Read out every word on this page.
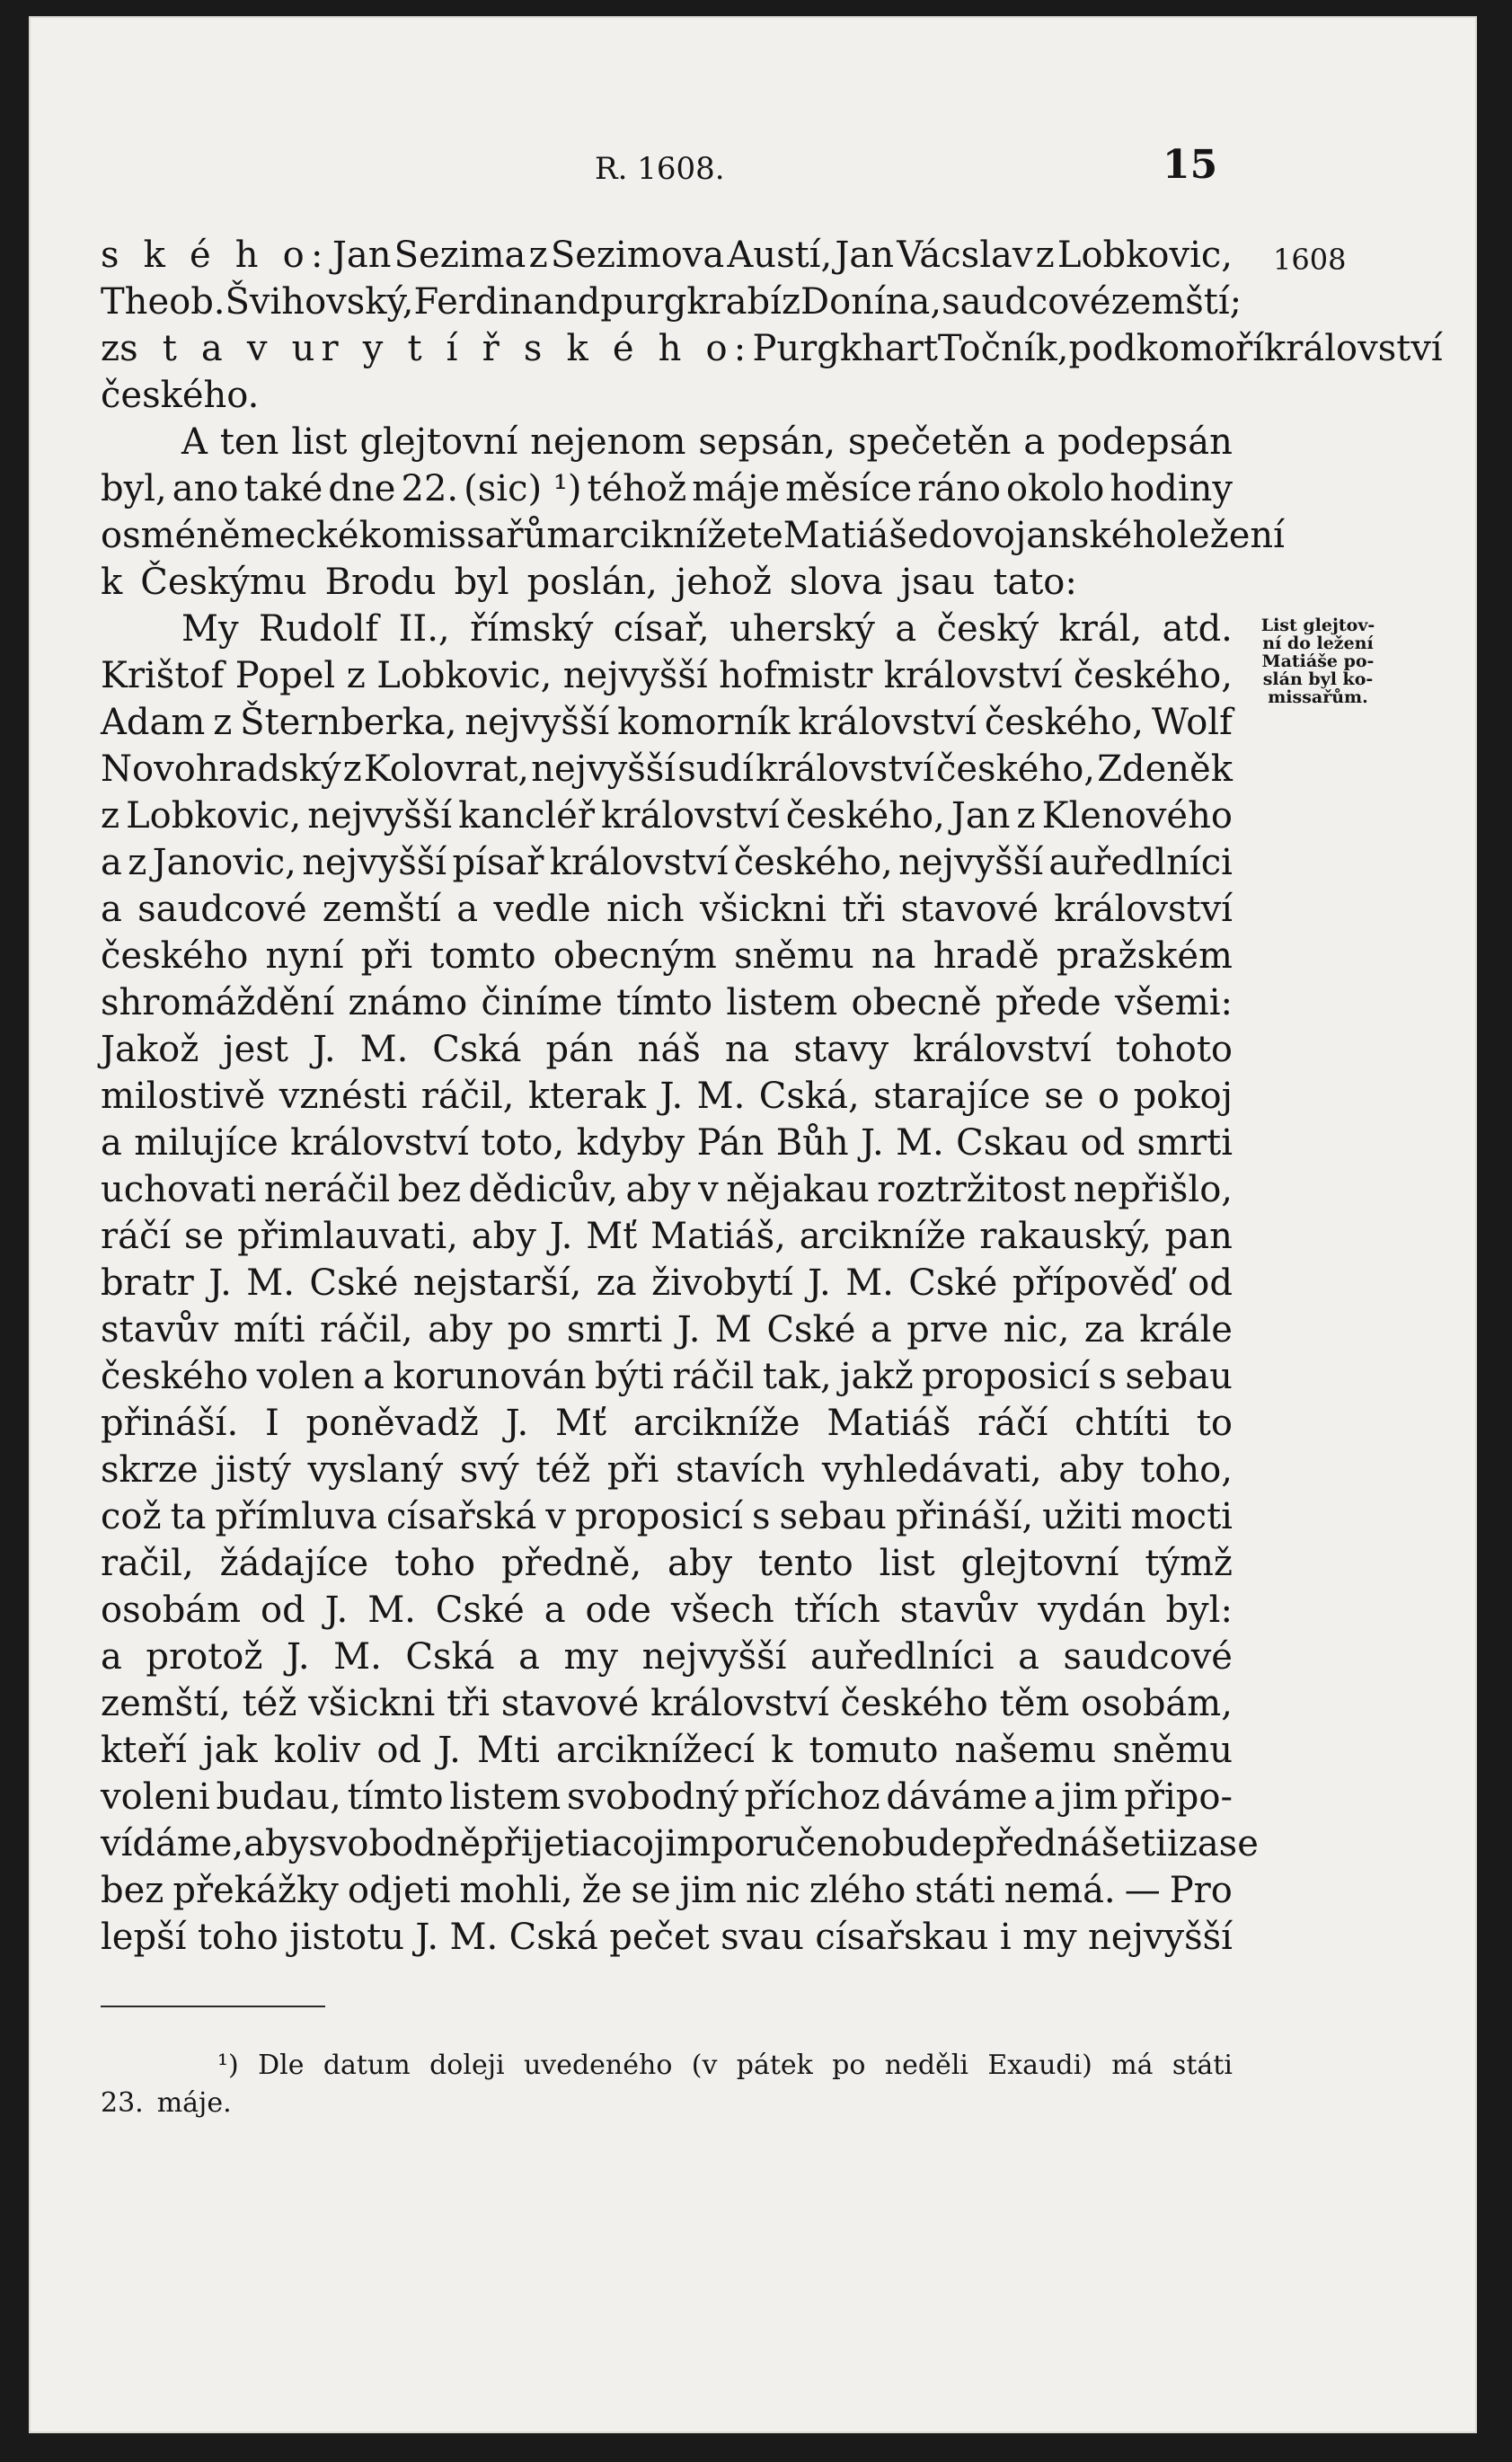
R. 1608.	15
1608
List glejtov-
ní do ležení
Matiáše po-
slán byl ko-
missařům.
s k é h o: Jan Sezima z Sezimova Austí, Jan Vácslav z Lobkovic,
Theob. Švihovský, Ferdinand purgkrabí z Donína, saudcové zemští;
z s t a v u r y t í ř s k é h o: Purgkhart Točník, podkomoří království
českého.
A ten list glejtovní nejenom sepsán, spečetěn a podepsán
byl, ano také dne 22. (sic) ¹) téhož máje měsíce ráno okolo hodiny
osmé německé komissařům arciknížete Matiáše do vojanského ležení
k Českýmu Brodu byl poslán, jehož slova jsau tato:
My Rudolf II., římský císař, uherský a český král, atd.
Krištof Popel z Lobkovic, nejvyšší hofmistr království českého,
Adam z Šternberka, nejvyšší komorník království českého, Wolf
Novohradský z Kolovrat, nejvyšší sudí království českého, Zdeněk
z Lobkovic, nejvyšší kancléř království českého, Jan z Klenového
a z Janovic, nejvyšší písař království českého, nejvyšší auředlníci
a saudcové zemští a vedle nich všickni tři stavové království
českého nyní při tomto obecným sněmu na hradě pražském
shromáždění známo činíme tímto listem obecně přede všemi:
Jakož jest J. M. Cská pán náš na stavy království tohoto
milostivě vznésti ráčil, kterak J. M. Cská, starajíce se o pokoj
a milujíce království toto, kdyby Pán Bůh J. M. Cskau od smrti
uchovati neráčil bez dědicův, aby v nějakau roztržitost nepřišlo,
ráčí se přimlauvati, aby J. Mť Matiáš, arcikníže rakauský, pan
bratr J. M. Cské nejstarší, za živobytí J. M. Cské přípověď od
stavův míti ráčil, aby po smrti J. M Cské a prve nic, za krále
českého volen a korunován býti ráčil tak, jakž proposicí s sebau
přináší. I poněvadž J. Mť arcikníže Matiáš ráčí chtíti to
skrze jistý vyslaný svý též při stavích vyhledávati, aby toho,
což ta přímluva císařská v proposicí s sebau přináší, užiti mocti
račil, žádajíce toho předně, aby tento list glejtovní týmž
osobám od J. M. Cské a ode všech třích stavův vydán byl:
a protož J. M. Cská a my nejvyšší auředlníci a saudcové
zemští, též všickni tři stavové království českého těm osobám,
kteří jak koliv od J. Mti arciknížecí k tomuto našemu sněmu
voleni budau, tímto listem svobodný příchoz dáváme a jim připo-
vídáme, aby svobodně přijeti a co jim poručeno bude přednášeti i zase
bez překážky odjeti mohli, že se jim nic zlého státi nemá. — Pro
lepší toho jistotu J. M. Cská pečet svau císařskau i my nejvyšší
¹) Dle datum doleji uvedeného (v pátek po neděli Exaudi) má státi
23. máje.
